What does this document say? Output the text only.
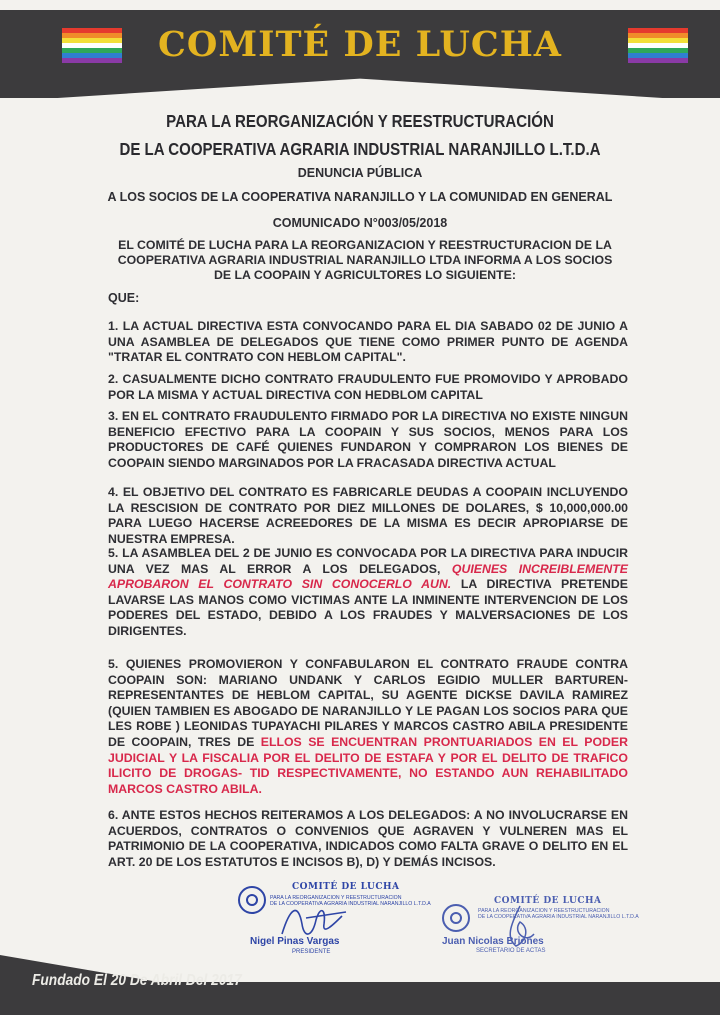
COMITÉ DE LUCHA

PARA LA REORGANIZACIÓN Y REESTRUCTURACIÓN

DE LA COOPERATIVA AGRARIA INDUSTRIAL NARANJILLO L.T.D.A

DENUNCIA PÚBLICA

A LOS SOCIOS DE LA COOPERATIVA NARANJILLO Y LA COMUNIDAD EN GENERAL

COMUNICADO N°003/05/2018

EL COMITÉ DE LUCHA PARA LA REORGANIZACION Y REESTRUCTURACION DE LA COOPERATIVA AGRARIA INDUSTRIAL NARANJILLO LTDA INFORMA A LOS SOCIOS DE LA COOPAIN Y AGRICULTORES LO SIGUIENTE:

QUE:

1. LA ACTUAL DIRECTIVA ESTA CONVOCANDO PARA EL DIA SABADO 02 DE JUNIO A UNA ASAMBLEA DE DELEGADOS QUE TIENE COMO PRIMER PUNTO DE AGENDA "TRATAR EL CONTRATO CON HEBLOM CAPITAL".

2. CASUALMENTE DICHO CONTRATO FRAUDULENTO FUE PROMOVIDO Y APROBADO POR LA MISMA Y ACTUAL DIRECTIVA CON HEDBLOM CAPITAL

3. EN EL CONTRATO FRAUDULENTO FIRMADO POR LA DIRECTIVA NO EXISTE NINGUN BENEFICIO EFECTIVO PARA LA COOPAIN Y SUS SOCIOS, MENOS PARA LOS PRODUCTORES DE CAFÉ QUIENES FUNDARON Y COMPRARON LOS BIENES DE COOPAIN SIENDO MARGINADOS POR LA FRACASADA DIRECTIVA ACTUAL

4. EL OBJETIVO DEL CONTRATO ES FABRICARLE DEUDAS A COOPAIN INCLUYENDO LA RESCISION DE CONTRATO POR DIEZ MILLONES DE DOLARES, $ 10,000,000.00 PARA LUEGO HACERSE ACREEDORES DE LA MISMA ES DECIR APROPIARSE DE NUESTRA EMPRESA.

5. LA ASAMBLEA DEL 2 DE JUNIO ES CONVOCADA POR LA DIRECTIVA PARA INDUCIR UNA VEZ MAS AL ERROR A LOS DELEGADOS, QUIENES INCREIBLEMENTE APROBARON EL CONTRATO SIN CONOCERLO AUN. LA DIRECTIVA PRETENDE LAVARSE LAS MANOS COMO VICTIMAS ANTE LA INMINENTE INTERVENCION DE LOS PODERES DEL ESTADO, DEBIDO A LOS FRAUDES Y MALVERSACIONES DE LOS DIRIGENTES.

5. QUIENES PROMOVIERON Y CONFABULARON EL CONTRATO FRAUDE CONTRA COOPAIN SON: MARIANO UNDANK Y CARLOS EGIDIO MULLER BARTUREN- REPRESENTANTES DE HEBLOM CAPITAL, SU AGENTE DICKSE DAVILA RAMIREZ (QUIEN TAMBIEN ES ABOGADO DE NARANJILLO Y LE PAGAN LOS SOCIOS PARA QUE LES ROBE ) LEONIDAS TUPAYACHI PILARES Y MARCOS CASTRO ABILA PRESIDENTE DE COOPAIN, TRES DE ELLOS SE ENCUENTRAN PRONTUARIADOS EN EL PODER JUDICIAL Y LA FISCALIA POR EL DELITO DE ESTAFA Y POR EL DELITO DE TRAFICO ILICITO DE DROGAS- TID RESPECTIVAMENTE, NO ESTANDO AUN REHABILITADO MARCOS CASTRO ABILA.

6. ANTE ESTOS HECHOS REITERAMOS A LOS DELEGADOS: A NO INVOLUCRARSE EN ACUERDOS, CONTRATOS O CONVENIOS QUE AGRAVEN Y VULNEREN MAS EL PATRIMONIO DE LA COOPERATIVA, INDICADOS COMO FALTA GRAVE O DELITO EN EL ART. 20 DE LOS ESTATUTOS E INCISOS B), D) Y DEMÁS INCISOS.

COMITÉ DE LUCHA

PARA LA REORGANIZACION Y REESTRUCTURACION

DE LA COOPERATIVA AGRARIA INDUSTRIAL NARANJILLO L.T.D.A

Nigel Pinas Vargas

PRESIDENTE

COMITÉ DE LUCHA

PARA LA REORGANIZACION Y REESTRUCTURACION

DE LA COOPERATIVA AGRARIA INDUSTRIAL NARANJILLO L.T.D.A

Juan Nicolas Briones

SECRETARIO DE ACTAS

Fundado El 20 De Abril Del 2017
